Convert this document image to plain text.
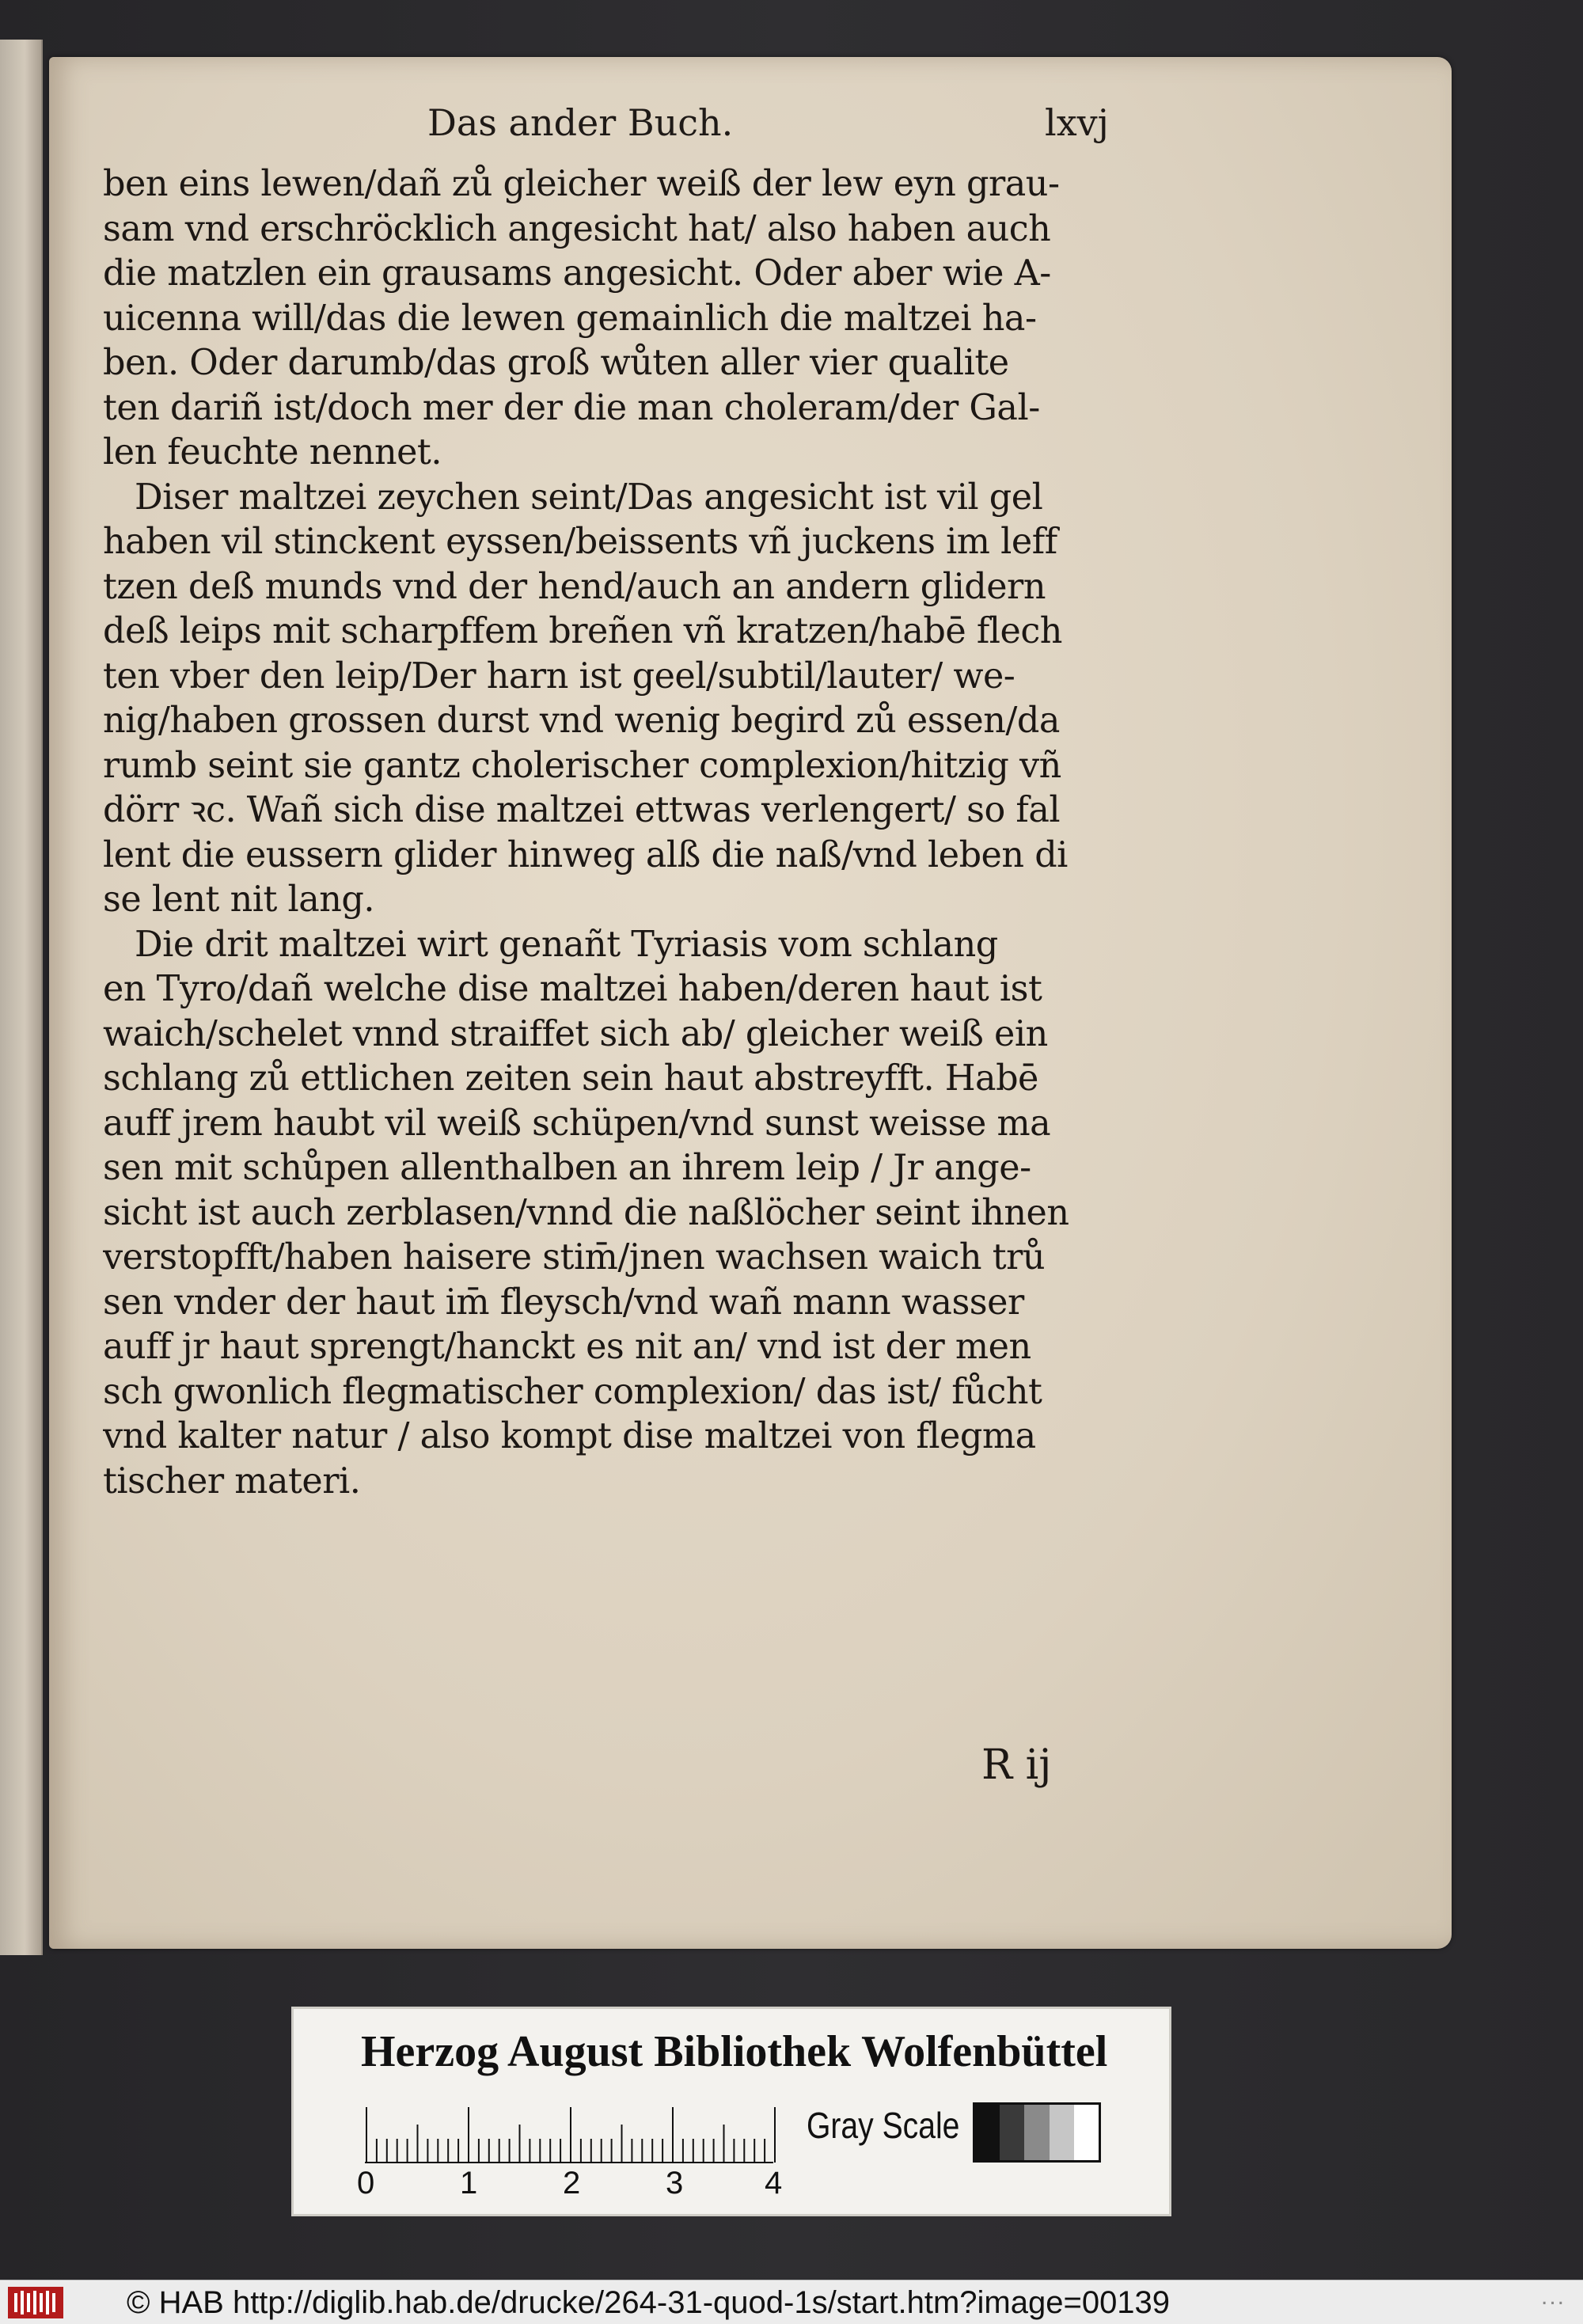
Das ander Buch.	lxvj
ben eins lewen/dañ zů gleicher weiß der lew eyn grau-
sam vnd erschröcklich angesicht hat/ also haben auch
die matzlen ein grausams angesicht. Oder aber wie A-
uicenna will/das die lewen gemainlich die maltzei ha-
ben. Oder darumb/das groß wůten aller vier qualite
ten dariñ ist/doch mer der die man choleram/der Gal-
len feuchte nennet.
Diser maltzei zeychen seint/Das angesicht ist vil gel
haben vil stinckent eyssen/beissents vñ juckens im leff
tzen deß munds vnd der hend/auch an andern glidern
deß leips mit scharpffem breñen vñ kratzen/habē flech
ten vber den leip/Der harn ist geel/subtil/lauter/ we-
nig/haben grossen durst vnd wenig begird zů essen/da
rumb seint sie gantz cholerischer complexion/hitzig vñ
dörr ꝛc. Wañ sich dise maltzei ettwas verlengert/ so fal
lent die eussern glider hinweg alß die naß/vnd leben di
se lent nit lang.
Die drit maltzei wirt genañt Tyriasis vom schlang
en Tyro/dañ welche dise maltzei haben/deren haut ist
waich/schelet vnnd straiffet sich ab/ gleicher weiß ein
schlang zů ettlichen zeiten sein haut abstreyfft. Habē
auff jrem haubt vil weiß schüpen/vnd sunst weisse ma
sen mit schůpen allenthalben an ihrem leip / Jr ange-
sicht ist auch zerblasen/vnnd die naßlöcher seint ihnen
verstopfft/haben haisere stim̄/jnen wachsen waich trů
sen vnder der haut im̄ fleysch/vnd wañ mann wasser
auff jr haut sprengt/hanckt es nit an/ vnd ist der men
sch gwonlich flegmatischer complexion/ das ist/ fůcht
vnd kalter natur / also kompt dise maltzei von flegma
tischer materi.
R ij
Herzog August Bibliothek Wolfenbüttel
0	1	2	3	4
Gray Scale
© HAB http://diglib.hab.de/drucke/264-31-quod-1s/start.htm?image=00139	...
